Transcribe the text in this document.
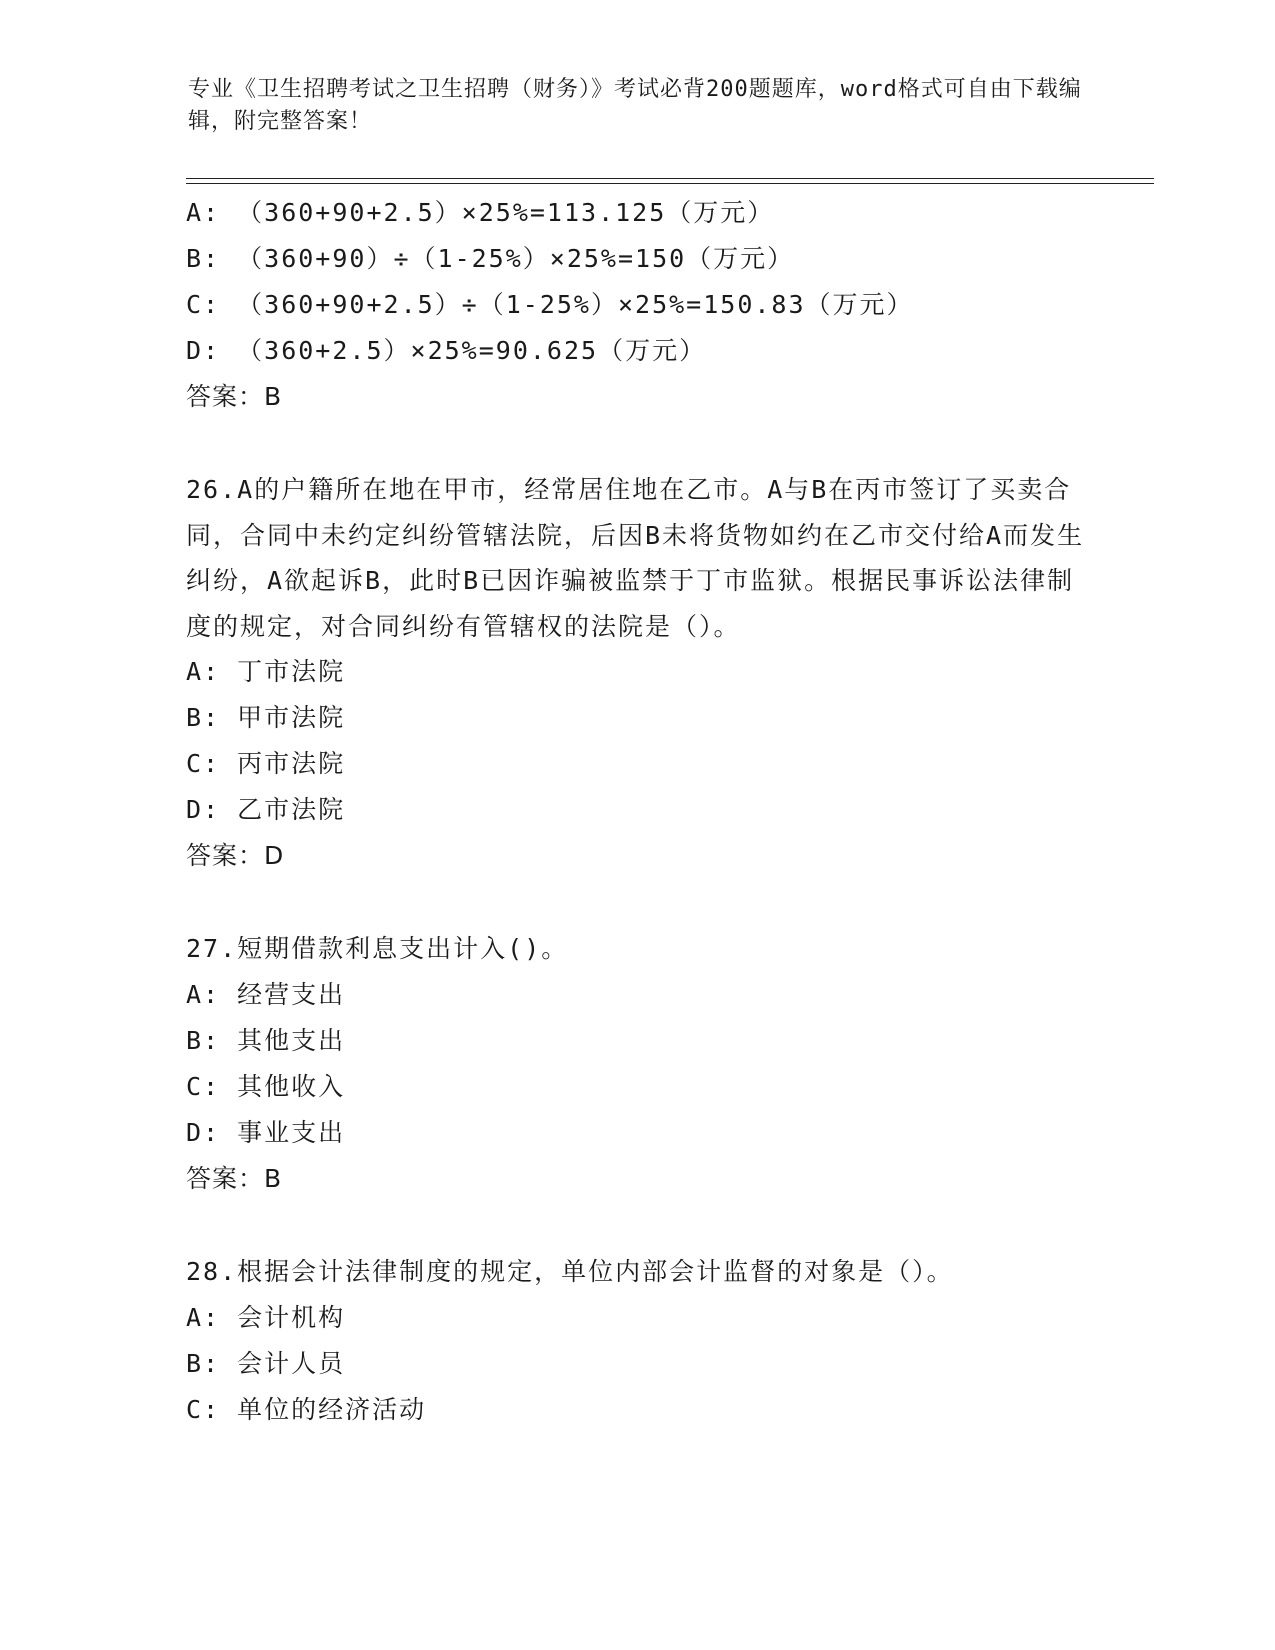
专业《卫生招聘考试之卫生招聘（财务）》考试必背200题题库，word格式可自由下载编辑，附完整答案！
A: （360+90+2.5）×25%=113.125（万元）
B: （360+90）÷（1-25%）×25%=150（万元）
C: （360+90+2.5）÷（1-25%）×25%=150.83（万元）
D: （360+2.5）×25%=90.625（万元）
答案：B
26.A的户籍所在地在甲市，经常居住地在乙市。A与B在丙市签订了买卖合同，合同中未约定纠纷管辖法院，后因B未将货物如约在乙市交付给A而发生纠纷，A欲起诉B，此时B已因诈骗被监禁于丁市监狱。根据民事诉讼法律制度的规定，对合同纠纷有管辖权的法院是（）。
A: 丁市法院
B: 甲市法院
C: 丙市法院
D: 乙市法院
答案：D
27.短期借款利息支出计入()。
A: 经营支出
B: 其他支出
C: 其他收入
D: 事业支出
答案：B
28.根据会计法律制度的规定，单位内部会计监督的对象是（）。
A: 会计机构
B: 会计人员
C: 单位的经济活动
